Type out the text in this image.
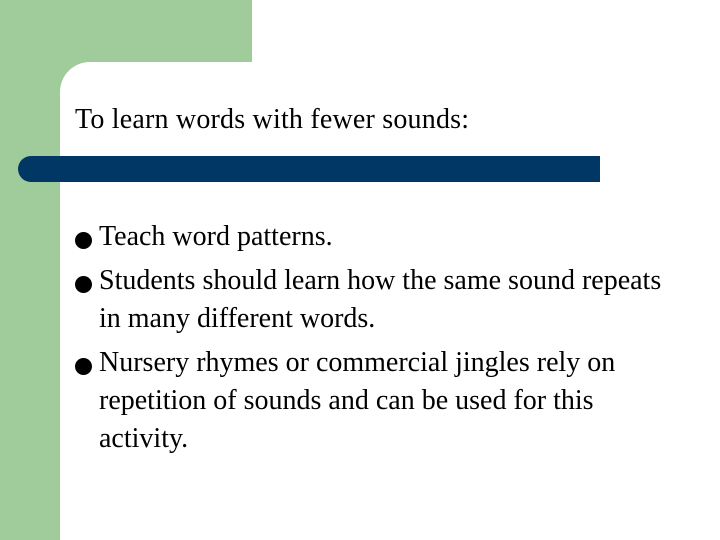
To learn words with fewer sounds:
Teach word patterns.
Students should learn how the same sound repeats in many different words.
Nursery rhymes or commercial jingles rely on repetition of sounds and can be used for this activity.
